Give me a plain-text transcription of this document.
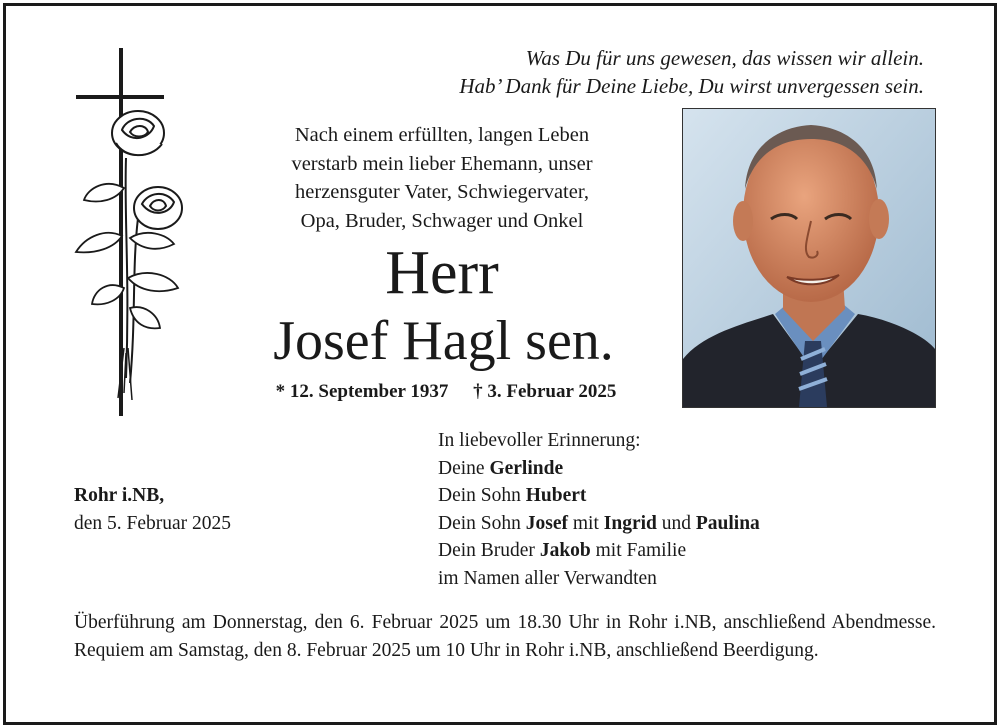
Was Du für uns gewesen, das wissen wir allein.
Hab’ Dank für Deine Liebe, Du wirst unvergessen sein.
Nach einem erfüllten, langen Leben
verstarb mein lieber Ehemann, unser
herzensguter Vater, Schwiegervater,
Opa, Bruder, Schwager und Onkel
Herr
Josef Hagl sen.
* 12. September 1937 † 3. Februar 2025
Rohr i.NB,
den 5. Februar 2025
In liebevoller Erinnerung:
Deine Gerlinde
Dein Sohn Hubert
Dein Sohn Josef mit Ingrid und Paulina
Dein Bruder Jakob mit Familie
im Namen aller Verwandten
Überführung am Donnerstag, den 6. Februar 2025 um 18.30 Uhr in Rohr i.NB, anschließend Abendmesse. Requiem am Samstag, den 8. Februar 2025 um 10 Uhr in Rohr i.NB, anschließend Beerdigung.
